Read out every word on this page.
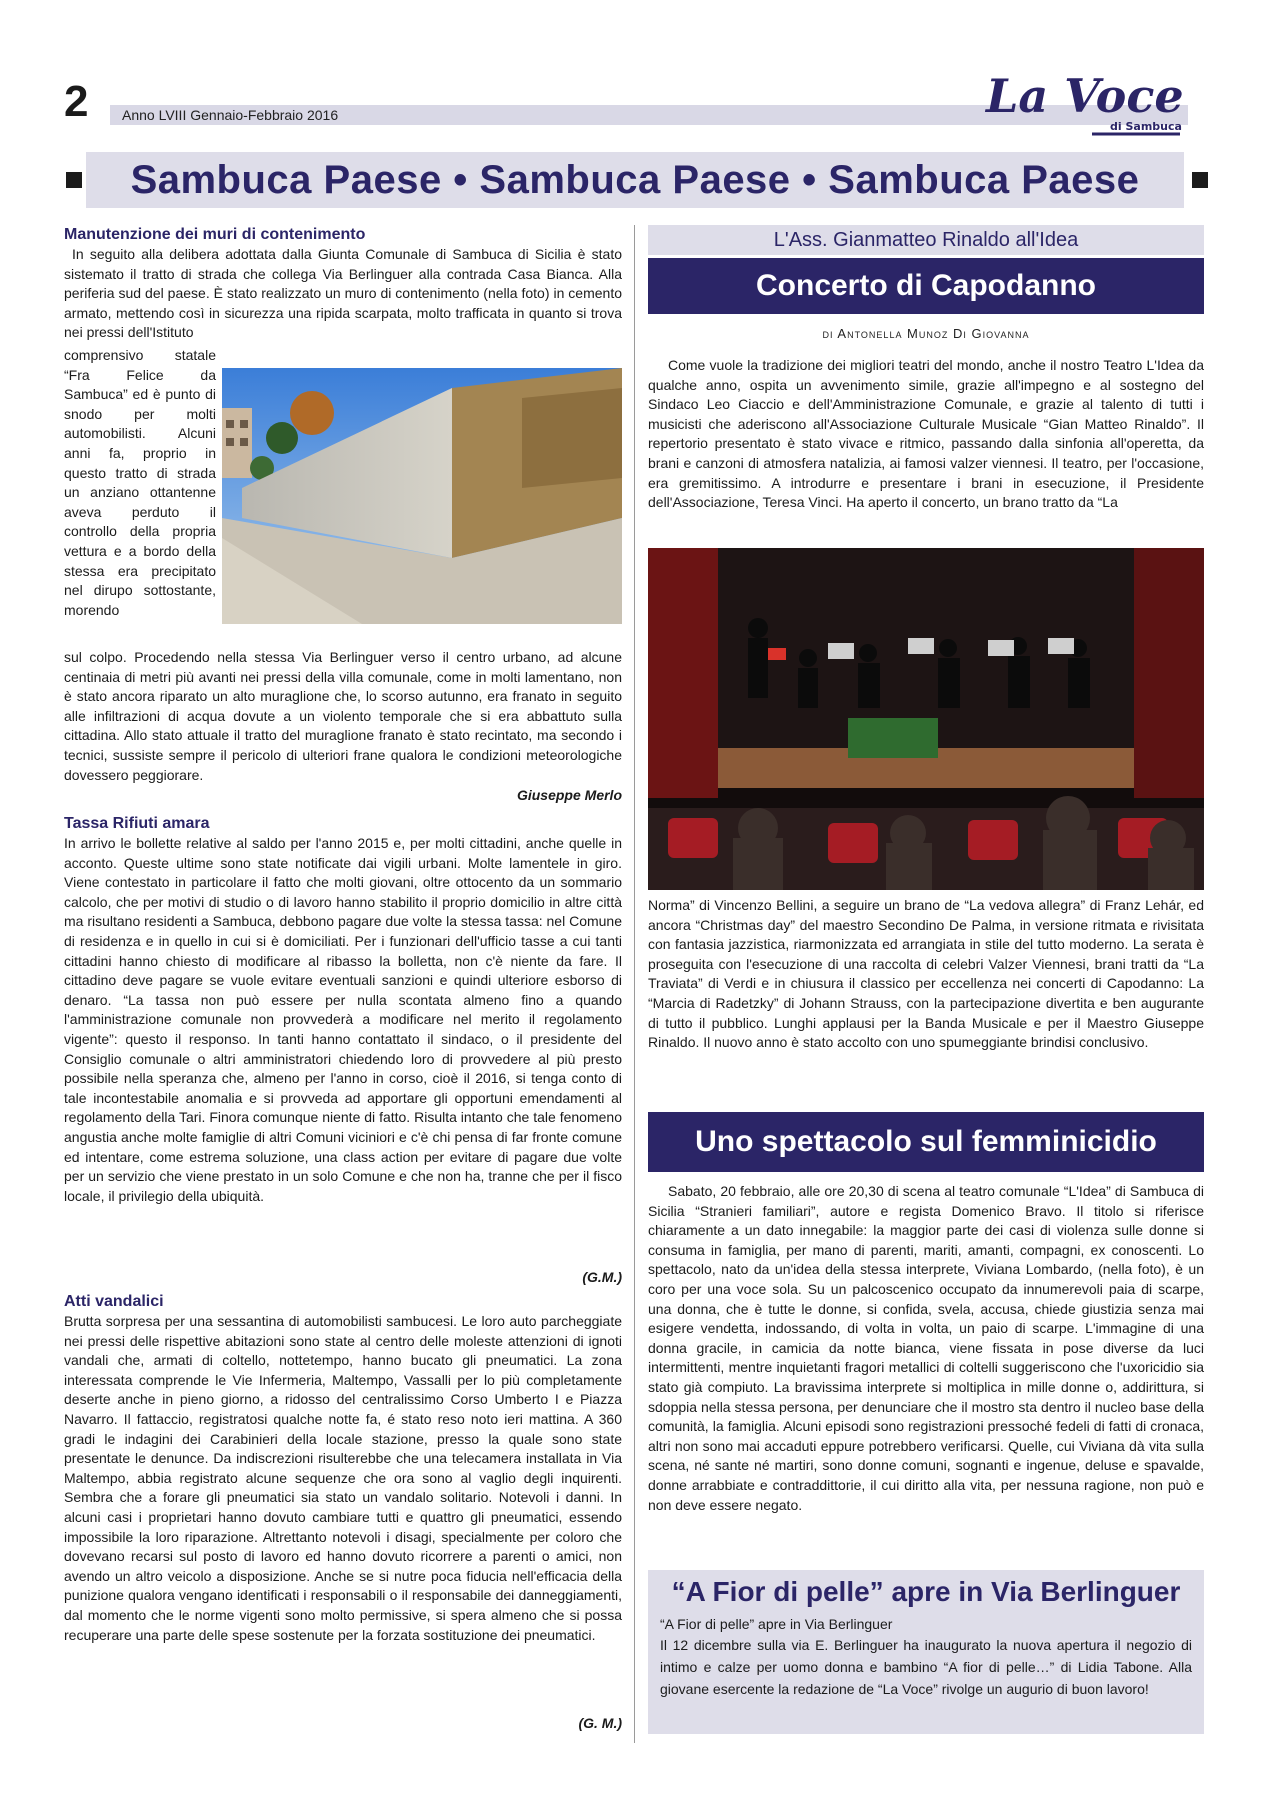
2 Anno LVIII Gennaio-Febbraio 2016	La Voce
di Sambuca
Sambuca Paese • Sambuca Paese • Sambuca Paese
Manutenzione dei muri di contenimento
In seguito alla delibera adottata dalla Giunta Comunale di Sambuca di Sicilia è stato sistemato il tratto di strada che collega Via Berlinguer alla contrada Casa Bianca. Alla periferia sud del paese. È stato realizzato un muro di contenimento (nella foto) in cemento armato, mettendo così in sicurezza una ripida scarpata, molto trafficata in quanto si trova nei pressi dell'Istituto
comprensivo statale “Fra Felice da Sambuca” ed è punto di snodo per molti automobilisti. Alcuni anni fa, proprio in questo tratto di strada un anziano ottantenne aveva perduto il controllo della propria vettura e a bordo della stessa era precipitato nel dirupo sottostante, morendo
sul colpo. Procedendo nella stessa Via Berlinguer verso il centro urbano, ad alcune centinaia di metri più avanti nei pressi della villa comunale, come in molti lamentano, non è stato ancora riparato un alto muraglione che, lo scorso autunno, era franato in seguito alle infiltrazioni di acqua dovute a un violento temporale che si era abbattuto sulla cittadina. Allo stato attuale il tratto del muraglione franato è stato recintato, ma secondo i tecnici, sussiste sempre il pericolo di ulteriori frane qualora le condizioni meteorologiche dovessero peggiorare.
Giuseppe Merlo
Tassa Rifiuti amara
In arrivo le bollette relative al saldo per l'anno 2015 e, per molti cittadini, anche quelle in acconto. Queste ultime sono state notificate dai vigili urbani. Molte lamentele in giro. Viene contestato in particolare il fatto che molti giovani, oltre ottocento da un sommario calcolo, che per motivi di studio o di lavoro hanno stabilito il proprio domicilio in altre città ma risultano residenti a Sambuca, debbono pagare due volte la stessa tassa: nel Comune di residenza e in quello in cui si è domiciliati. Per i funzionari dell'ufficio tasse a cui tanti cittadini hanno chiesto di modificare al ribasso la bolletta, non c'è niente da fare. Il cittadino deve pagare se vuole evitare eventuali sanzioni e quindi ulteriore esborso di denaro. “La tassa non può essere per nulla scontata almeno fino a quando l'amministrazione comunale non provvederà a modificare nel merito il regolamento vigente”: questo il responso. In tanti hanno contattato il sindaco, o il presidente del Consiglio comunale o altri amministratori chiedendo loro di provvedere al più presto possibile nella speranza che, almeno per l'anno in corso, cioè il 2016, si tenga conto di tale incontestabile anomalia e si provveda ad apportare gli opportuni emendamenti al regolamento della Tari. Finora comunque niente di fatto. Risulta intanto che tale fenomeno angustia anche molte famiglie di altri Comuni viciniori e c'è chi pensa di far fronte comune ed intentare, come estrema soluzione, una class action per evitare di pagare due volte per un servizio che viene prestato in un solo Comune e che non ha, tranne che per il fisco locale, il privilegio della ubiquità.
(G.M.)
Atti vandalici
Brutta sorpresa per una sessantina di automobilisti sambucesi. Le loro auto parcheggiate nei pressi delle rispettive abitazioni sono state al centro delle moleste attenzioni di ignoti vandali che, armati di coltello, nottetempo, hanno bucato gli pneumatici. La zona interessata comprende le Vie Infermeria, Maltempo, Vassalli per lo più completamente deserte anche in pieno giorno, a ridosso del centralissimo Corso Umberto I e Piazza Navarro. Il fattaccio, registratosi qualche notte fa, é stato reso noto ieri mattina. A 360 gradi le indagini dei Carabinieri della locale stazione, presso la quale sono state presentate le denunce. Da indiscrezioni risulterebbe che una telecamera installata in Via Maltempo, abbia registrato alcune sequenze che ora sono al vaglio degli inquirenti. Sembra che a forare gli pneumatici sia stato un vandalo solitario. Notevoli i danni. In alcuni casi i proprietari hanno dovuto cambiare tutti e quattro gli pneumatici, essendo impossibile la loro riparazione. Altrettanto notevoli i disagi, specialmente per coloro che dovevano recarsi sul posto di lavoro ed hanno dovuto ricorrere a parenti o amici, non avendo un altro veicolo a disposizione. Anche se si nutre poca fiducia nell'efficacia della punizione qualora vengano identificati i responsabili o il responsabile dei danneggiamenti, dal momento che le norme vigenti sono molto permissive, si spera almeno che si possa recuperare una parte delle spese sostenute per la forzata sostituzione dei pneumatici.
(G. M.)
L'Ass. Gianmatteo Rinaldo all'Idea
Concerto di Capodanno
di Antonella Munoz Di Giovanna
Come vuole la tradizione dei migliori teatri del mondo, anche il nostro Teatro L'Idea da qualche anno, ospita un avvenimento simile, grazie all'impegno e al sostegno del Sindaco Leo Ciaccio e dell'Amministrazione Comunale, e grazie al talento di tutti i musicisti che aderiscono all'Associazione Culturale Musicale “Gian Matteo Rinaldo”. Il repertorio presentato è stato vivace e ritmico, passando dalla sinfonia all'operetta, da brani e canzoni di atmosfera natalizia, ai famosi valzer viennesi. Il teatro, per l'occasione, era gremitissimo. A introdurre e presentare i brani in esecuzione, il Presidente dell'Associazione, Teresa Vinci. Ha aperto il concerto, un brano tratto da “La
Norma” di Vincenzo Bellini, a seguire un brano de “La vedova allegra” di Franz Lehár, ed ancora “Christmas day” del maestro Secondino De Palma, in versione ritmata e rivisitata con fantasia jazzistica, riarmonizzata ed arrangiata in stile del tutto moderno. La serata è proseguita con l'esecuzione di una raccolta di celebri Valzer Viennesi, brani tratti da “La Traviata” di Verdi e in chiusura il classico per eccellenza nei concerti di Capodanno: La “Marcia di Radetzky” di Johann Strauss, con la partecipazione divertita e ben augurante di tutto il pubblico. Lunghi applausi per la Banda Musicale e per il Maestro Giuseppe Rinaldo. Il nuovo anno è stato accolto con uno spumeggiante brindisi conclusivo.
Uno spettacolo sul femminicidio
Sabato, 20 febbraio, alle ore 20,30 di scena al teatro comunale “L'Idea” di Sambuca di Sicilia “Stranieri familiari”, autore e regista Domenico Bravo. Il titolo si riferisce chiaramente a un dato innegabile: la maggior parte dei casi di violenza sulle donne si consuma in famiglia, per mano di parenti, mariti, amanti, compagni, ex conoscenti. Lo spettacolo, nato da un'idea della stessa interprete, Viviana Lombardo, (nella foto), è un coro per una voce sola. Su un palcoscenico occupato da innumerevoli paia di scarpe, una donna, che è tutte le donne, si confida, svela, accusa, chiede giustizia senza mai esigere vendetta, indossando, di volta in volta, un paio di scarpe. L'immagine di una donna gracile, in camicia da notte bianca, viene fissata in pose diverse da luci intermittenti, mentre inquietanti fragori metallici di coltelli suggeriscono che l'uxoricidio sia stato già compiuto. La bravissima interprete si moltiplica in mille donne o, addirittura, si sdoppia nella stessa persona, per denunciare che il mostro sta dentro il nucleo base della comunità, la famiglia. Alcuni episodi sono registrazioni pressoché fedeli di fatti di cronaca, altri non sono mai accaduti eppure potrebbero verificarsi. Quelle, cui Viviana dà vita sulla scena, né sante né martiri, sono donne comuni, sognanti e ingenue, deluse e spavalde, donne arrabbiate e contraddittorie, il cui diritto alla vita, per nessuna ragione, non può e non deve essere negato.
“A Fior di pelle” apre in Via Berlinguer
“A Fior di pelle” apre in Via Berlinguer
Il 12 dicembre sulla via E. Berlinguer ha inaugurato la nuova apertura il negozio di intimo e calze per uomo donna e bambino “A fior di pelle…” di Lidia Tabone. Alla giovane esercente la redazione de “La Voce” rivolge un augurio di buon lavoro!
